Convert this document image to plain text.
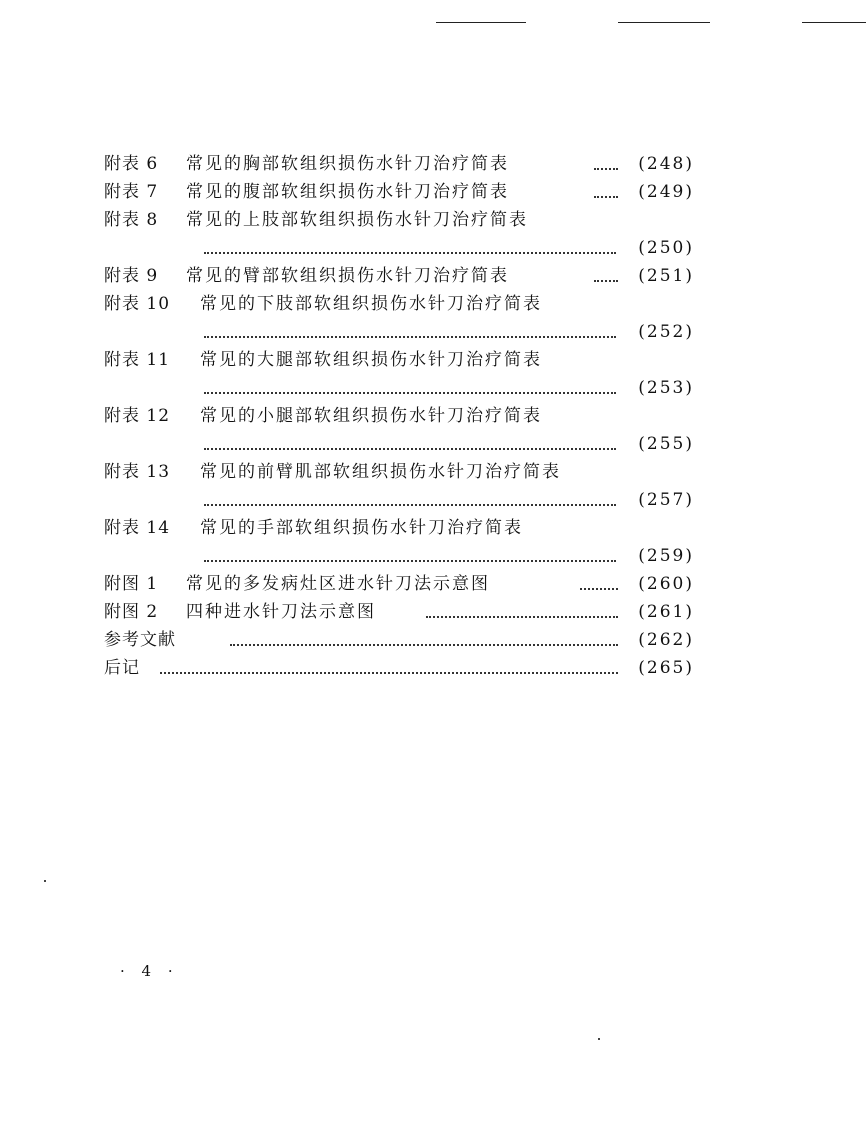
附表 6 常见的胸部软组织损伤水针刀治疗简表	(248)
附表 7 常见的腹部软组织损伤水针刀治疗简表	(249)
附表 8 常见的上肢部软组织损伤水针刀治疗简表
(250)
附表 9 常见的臂部软组织损伤水针刀治疗简表	(251)
附表 10 常见的下肢部软组织损伤水针刀治疗简表
(252)
附表 11 常见的大腿部软组织损伤水针刀治疗简表
(253)
附表 12 常见的小腿部软组织损伤水针刀治疗简表
(255)
附表 13 常见的前臂肌部软组织损伤水针刀治疗简表
(257)
附表 14 常见的手部软组织损伤水针刀治疗简表
(259)
附图 1 常见的多发病灶区进水针刀法示意图	(260)
附图 2 四种进水针刀法示意图	(261)
参考文献	(262)
后记	(265)
· 4 ·
